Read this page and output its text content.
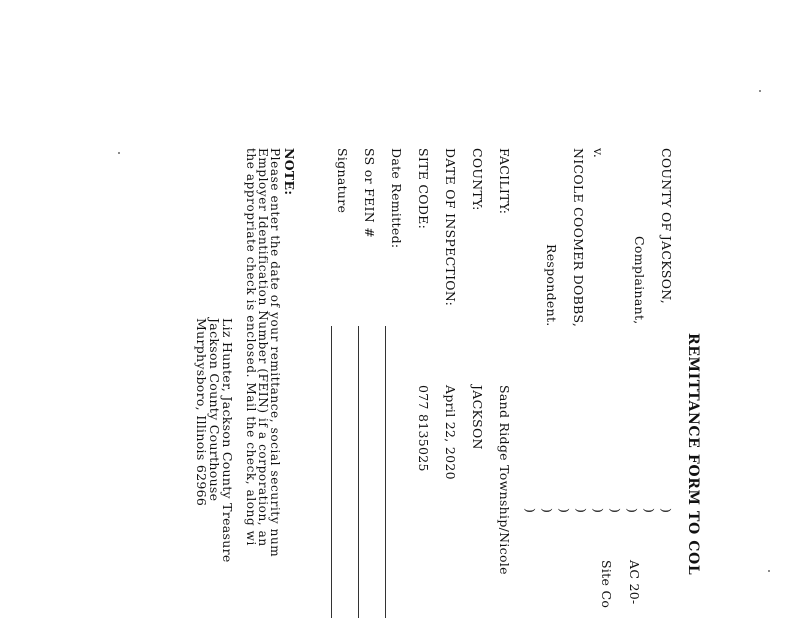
REMITTANCE FORM TO COL
COUNTY OF JACKSON,
Complainant,
v.
NICOLE COOMER DOBBS,
Respondent.
)
)
)
)
)
)
)
)
)
AC 20-
Site Co
FACILITY:
Sand Ridge Township/Nicole
COUNTY:
JACKSON
DATE OF INSPECTION:
April 22, 2020
SITE CODE:
077 8135025
Date Remitted:
SS or FEIN #
Signature
NOTE:
Please enter the date of your remittance, social security num
Employer Identification Number (FEIN) if a corporation, an
the appropriate check is enclosed. Mail the check, along wi
Liz Hunter, Jackson County Treasure
Jackson County Courthouse
Murphysboro, Illinois 62966
